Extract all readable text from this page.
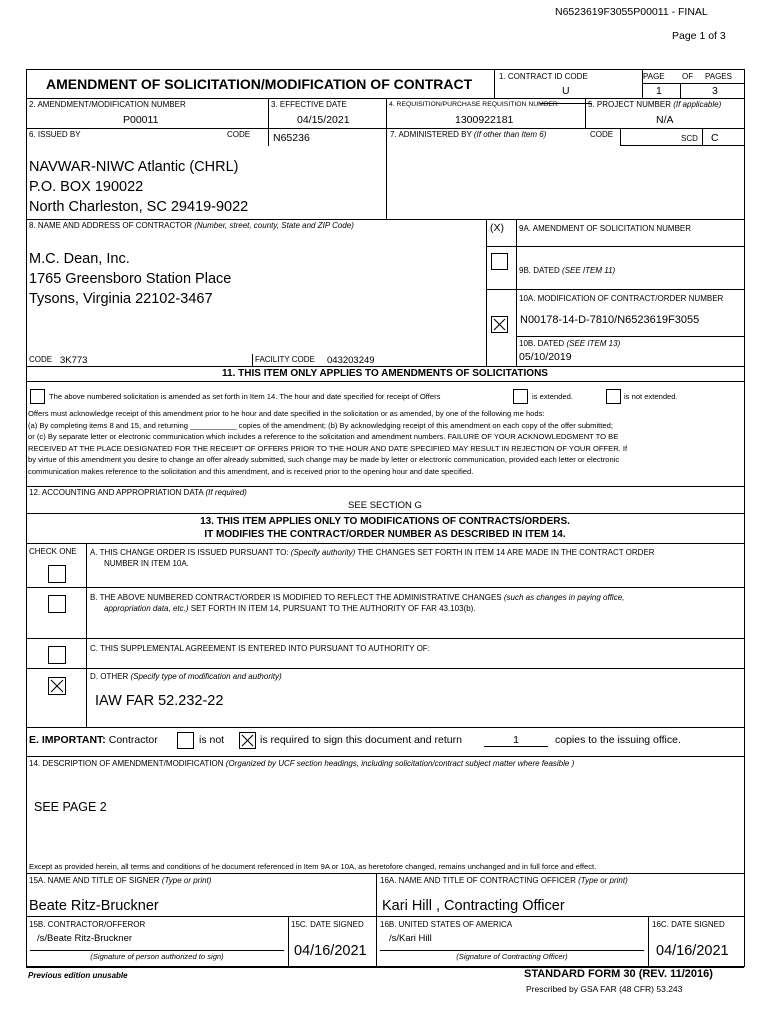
N6523619F3055P00011 - FINAL
Page 1 of 3
AMENDMENT OF SOLICITATION/MODIFICATION OF CONTRACT	1. CONTRACT ID CODE
U
PAGE OF PAGES
1	3
2. AMENDMENT/MODIFICATION NUMBER
P00011
3. EFFECTIVE DATE
04/15/2021
4. REQUISITION/PURCHASE REQUISITION NUMBER
1300922181
5. PROJECT NUMBER (If applicable)
N/A
6. ISSUED BY	CODE N65236
NAVWAR-NIWC Atlantic (CHRL)
P.O. BOX 190022
North Charleston, SC 29419-9022
7. ADMINISTERED BY (If other than Item 6)	CODE	SCD C
8. NAME AND ADDRESS OF CONTRACTOR (Number, street, county, State and ZIP Code)
M.C. Dean, Inc.
1765 Greensboro Station Place
Tysons, Virginia 22102-3467
CODE 3K773	FACILITY CODE 043203249
(X) 9A. AMENDMENT OF SOLICITATION NUMBER
9B. DATED (SEE ITEM 11)
10A. MODIFICATION OF CONTRACT/ORDER NUMBER
N00178-14-D-7810/N6523619F3055
10B. DATED (SEE ITEM 13)
05/10/2019
11. THIS ITEM ONLY APPLIES TO AMENDMENTS OF SOLICITATIONS
The above numbered solicitation is amended as set forth in Item 14. The hour and date specified for receipt of Offers	is extended.	is not extended.
Offers must acknowledge receipt of this amendment prior to he hour and date specified in the solicitation or as amended, by one of the following me hods:
(a) By completing items 8 and 15, and returning ___________ copies of the amendment; (b) By acknowledging receipt of this amendment on each copy of the offer submitted;
or (c) By separate letter or electronic communication which includes a reference to the solicitation and amendment numbers. FAILURE OF YOUR ACKNOWLEDGMENT TO BE
RECEIVED AT THE PLACE DESIGNATED FOR THE RECEIPT OF OFFERS PRIOR TO THE HOUR AND DATE SPECIFIED MAY RESULT IN REJECTION OF YOUR OFFER. If
by virtue of this amendment you desire to change an offer already submitted, such change may be made by letter or electronic communication, provided each letter or electronic
communication makes reference to the solicitation and this amendment, and is received prior to the opening hour and date specified.
12. ACCOUNTING AND APPROPRIATION DATA (If required)
SEE SECTION G
13. THIS ITEM APPLIES ONLY TO MODIFICATIONS OF CONTRACTS/ORDERS.
IT MODIFIES THE CONTRACT/ORDER NUMBER AS DESCRIBED IN ITEM 14.
CHECK ONE A. THIS CHANGE ORDER IS ISSUED PURSUANT TO: (Specify authority) THE CHANGES SET FORTH IN ITEM 14 ARE MADE IN THE CONTRACT ORDER
NUMBER IN ITEM 10A.
B. THE ABOVE NUMBERED CONTRACT/ORDER IS MODIFIED TO REFLECT THE ADMINISTRATIVE CHANGES (such as changes in paying office,
appropriation data, etc.) SET FORTH IN ITEM 14, PURSUANT TO THE AUTHORITY OF FAR 43.103(b).
C. THIS SUPPLEMENTAL AGREEMENT IS ENTERED INTO PURSUANT TO AUTHORITY OF:
D. OTHER (Specify type of modification and authority)
IAW FAR 52.232-22
E. IMPORTANT: Contractor	is not	is required to sign this document and return	1	copies to the issuing office.
14. DESCRIPTION OF AMENDMENT/MODIFICATION (Organized by UCF section headings, including solicitation/contract subject matter where feasible )
SEE PAGE 2
Except as provided herein, all terms and conditions of he document referenced in Item 9A or 10A, as heretofore changed, remains unchanged and in full force and effect.
15A. NAME AND TITLE OF SIGNER (Type or print)
Beate Ritz-Bruckner
16A. NAME AND TITLE OF CONTRACTING OFFICER (Type or print)
Kari Hill , Contracting Officer
15B. CONTRACTOR/OFFEROR
/s/Beate Ritz-Bruckner
(Signature of person authorized to sign)
15C. DATE SIGNED
04/16/2021
16B. UNITED STATES OF AMERICA
/s/Kari Hill
(Signature of Contracting Officer)
16C. DATE SIGNED
04/16/2021
Previous edition unusable	STANDARD FORM 30 (REV. 11/2016)
Prescribed by GSA FAR (48 CFR) 53.243
